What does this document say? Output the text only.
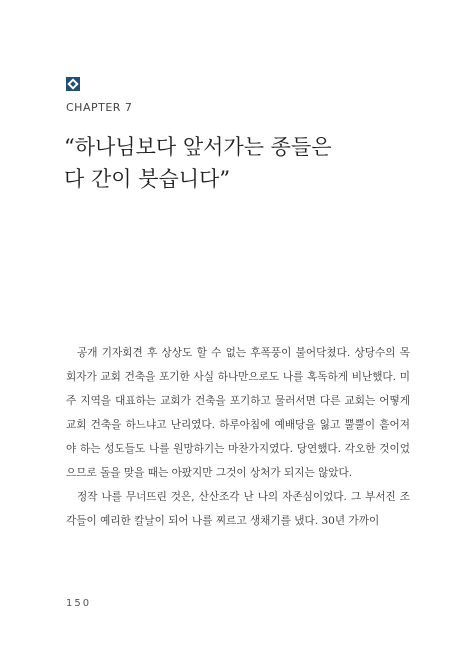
CHAPTER 7
“하나님보다 앞서가는 종들은
다 간이 붓습니다”

공개 기자회견 후 상상도 할 수 없는 후폭풍이 불어닥쳤다. 상당수의 목회자가 교회 건축을 포기한 사실 하나만으로도 나를 혹독하게 비난했다. 미주 지역을 대표하는 교회가 건축을 포기하고 물러서면 다른 교회는 어떻게 교회 건축을 하느냐고 난리였다. 하루아침에 예배당을 잃고 뿔뿔이 흩어져야 하는 성도들도 나를 원망하기는 마찬가지였다. 당연했다. 각오한 것이었으므로 돌을 맞을 때는 아팠지만 그것이 상처가 되지는 않았다.

정작 나를 무너뜨린 것은, 산산조각 난 나의 자존심이었다. 그 부서진 조각들이 예리한 칼날이 되어 나를 찌르고 생채기를 냈다. 30년 가까이

150
